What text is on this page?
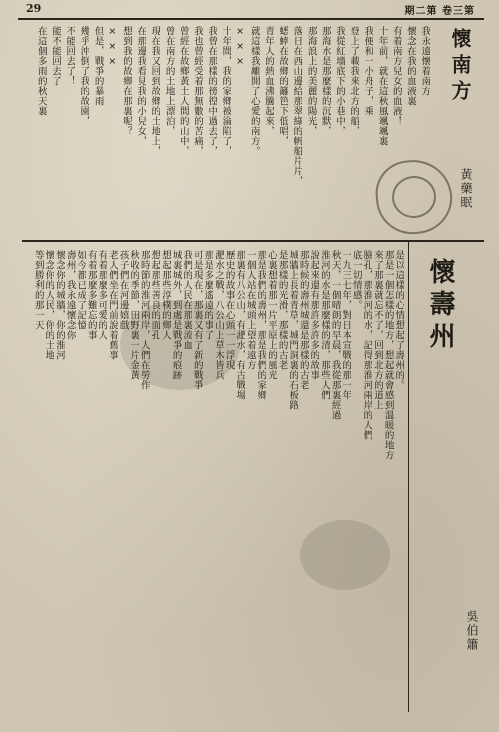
29	期二第 卷三第
懷南方
黃藥眠
我永遠懷着南方
懷念在我的血液裏
有着南方兒女的血液！
十年前，就在這秋風颯颯裏
我便和一小舟子，乘
登上了載我來北方的船，
我從紅墻底下的小巷中，
那海水是那麼樣的沉默，
那海浪上的美麗的陽光，
落日在西山邊給那翠綠的帆船片片，
蟋蟀在故鄉的籬笆下低唱，
青年人的熱血沸騰起來，
就這樣我離開了心愛的南方。
× × ×
十年間，我的家鄉被淪陷了，
我曾在那樣的徬徨中過去了，
我也曾經受着那無數的苦痛，
曾經在故鄉黃土人間的山中，
曾在南方的土地上漂泊，
現在我又回到故鄉的土地上，
在那邊我看見我的小兒女，
想到我的故鄉在那裏呢？
× × ×
但是，戰爭的暴雨
幾乎沖倒了我的故園，
不能回去了！
能不能回去了
在這個多雨的秋天裏
懷壽州
吳伯簫
是以這樣的心情想起了壽州的。
那是一個怎樣的地方，想起就會感到溫暖的地方
來了那裏就忘不了，回到北方的道上
臉孔，那淮河的水，記得那淮河兩岸的人們
底一切情感。
一九三七年，對日本宣戰的那一年
秋天，一個晴朗的早晨，我從那裏經過
淮河的水是那麼樣的清，那些人們
說起來還有那許多許多的故事
那時候的壽州城還是那樣的古老
城牆上長着青草，城門洞裏的石板路
是那樣的光滑，那樣的古老
心裏想着那一片平原上的風光
那是我們的壽州，那是我們的家鄉
一個人站在城頭上望着遠方
那裏有八公山，有淝水，有古戰場
歷史的故事在心頭一一浮現
淝水之戰，八公山上草木皆兵
那是多麼遙遠的事了
可是現在，那裏又有了新的戰爭
我們的人民在那裏流血
城裏城外，到處是戰爭的痕跡
想起那些淳樸的鄉人
想起那些善良的面孔
那時節的淮河兩岸，人們在勞作
秋收的季節，田野裏一片金黃
孩子們在河邊嬉戲
老人們坐在門前說着舊事
有着那麼多可愛的人
有着那麼多難忘的事
如今都已成了記憶
壽州，我永遠懷念你
懷念你的城牆，你的淮河
懷念你的人民，你的土地
等到勝利的那一天
